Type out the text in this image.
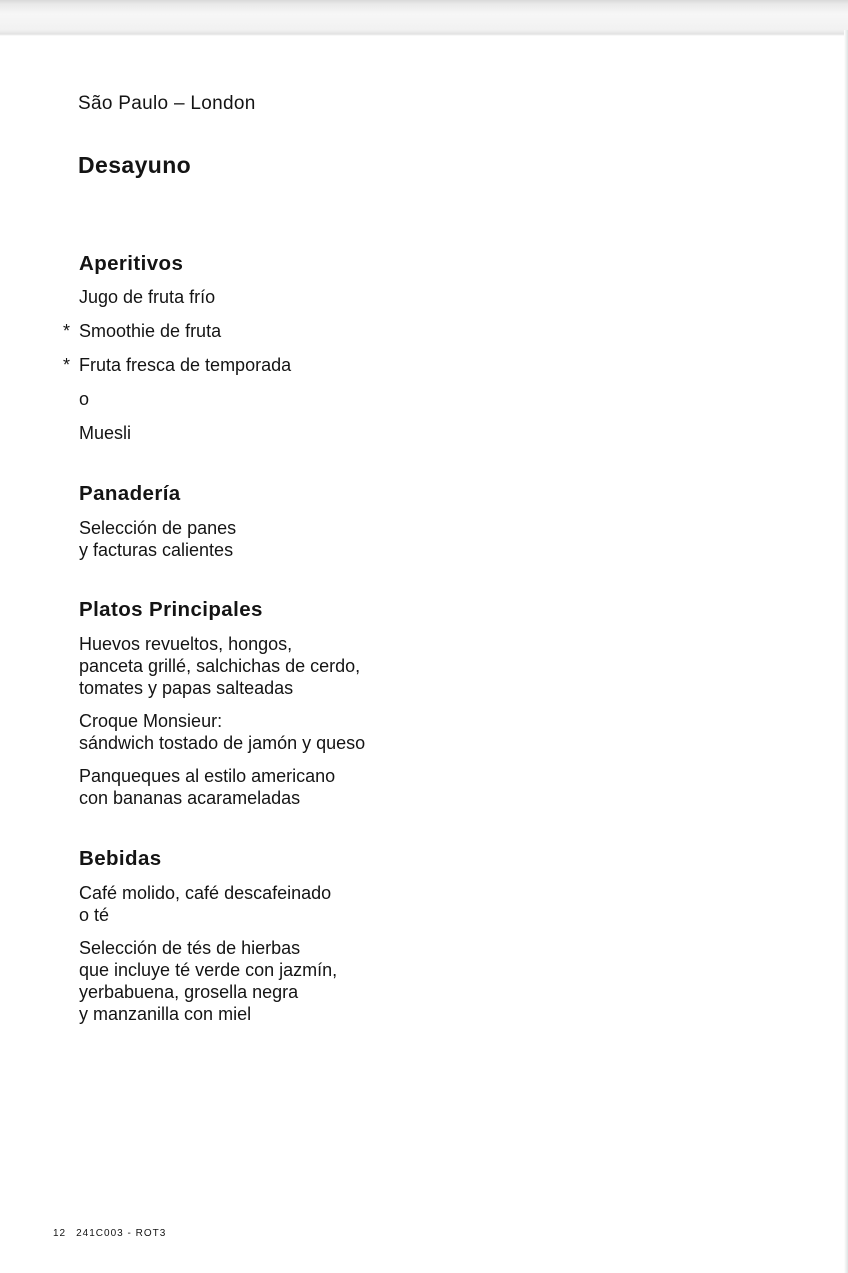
São Paulo – London
Desayuno
Aperitivos
Jugo de fruta frío
* Smoothie de fruta
* Fruta fresca de temporada
o
Muesli
Panadería
Selección de panes
y facturas calientes
Platos Principales
Huevos revueltos, hongos,
panceta grillé, salchichas de cerdo,
tomates y papas salteadas
Croque Monsieur:
sándwich tostado de jamón y queso
Panqueques al estilo americano
con bananas acarameladas
Bebidas
Café molido, café descafeinado
o té
Selección de tés de hierbas
que incluye té verde con jazmín,
yerbabuena, grosella negra
y manzanilla con miel
12 241C003 - ROT3
